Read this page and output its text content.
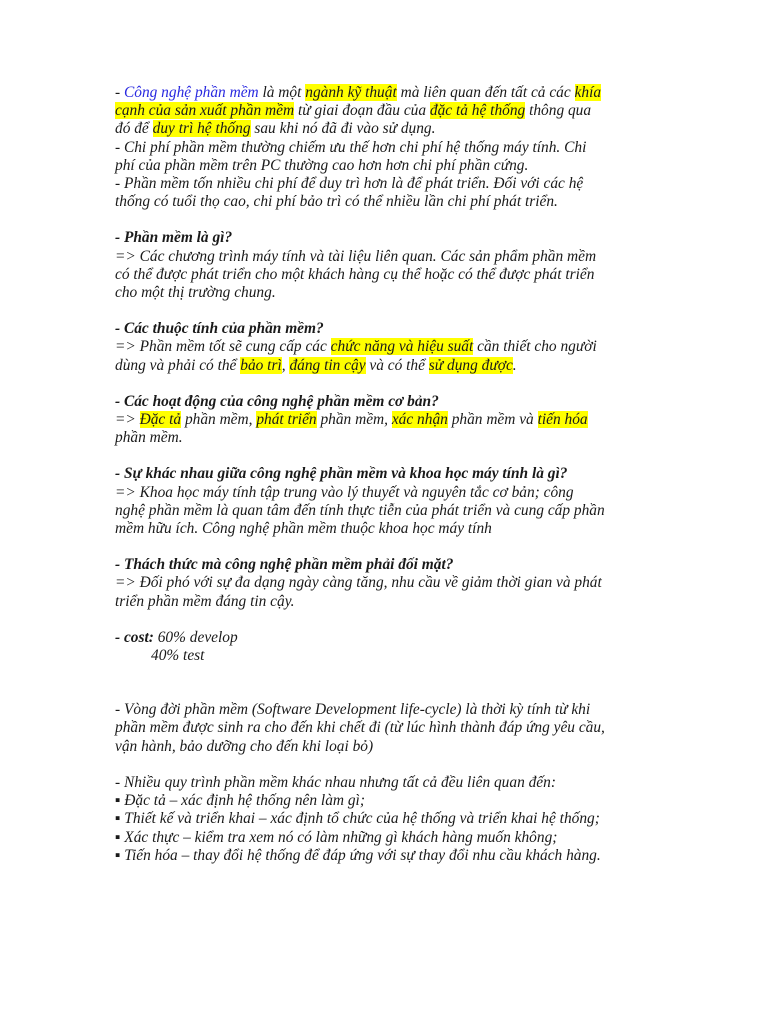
- Công nghệ phần mềm là một ngành kỹ thuật mà liên quan đến tất cả các khía
cạnh của sản xuất phần mềm từ giai đoạn đầu của đặc tả hệ thống thông qua
đó để duy trì hệ thống sau khi nó đã đi vào sử dụng.
- Chi phí phần mềm thường chiếm ưu thế hơn chi phí hệ thống máy tính. Chi
phí của phần mềm trên PC thường cao hơn hơn chi phí phần cứng.
- Phần mềm tốn nhiều chi phí để duy trì hơn là để phát triển. Đối với các hệ
thống có tuổi thọ cao, chi phí bảo trì có thể nhiều lần chi phí phát triển.
- Phần mềm là gì?
=> Các chương trình máy tính và tài liệu liên quan. Các sản phẩm phần mềm
có thể được phát triển cho một khách hàng cụ thể hoặc có thể được phát triển
cho một thị trường chung.
- Các thuộc tính của phần mềm?
=> Phần mềm tốt sẽ cung cấp các chức năng và hiệu suất cần thiết cho người
dùng và phải có thể bảo trì, đáng tin cậy và có thể sử dụng được.
- Các hoạt động của công nghệ phần mềm cơ bản?
=> Đặc tả phần mềm, phát triển phần mềm, xác nhận phần mềm và tiến hóa
phần mềm.
- Sự khác nhau giữa công nghệ phần mềm và khoa học máy tính là gì?
=> Khoa học máy tính tập trung vào lý thuyết và nguyên tắc cơ bản; công
nghệ phần mềm là quan tâm đến tính thực tiễn của phát triển và cung cấp phần
mềm hữu ích. Công nghệ phần mềm thuộc khoa học máy tính
- Thách thức mà công nghệ phần mềm phải đối mặt?
=> Đối phó với sự đa dạng ngày càng tăng, nhu cầu về giảm thời gian và phát
triển phần mềm đáng tin cậy.
- cost: 60% develop
40% test
- Vòng đời phần mềm (Software Development life-cycle) là thời kỳ tính từ khi
phần mềm được sinh ra cho đến khi chết đi (từ lúc hình thành đáp ứng yêu cầu,
vận hành, bảo dưỡng cho đến khi loại bỏ)
- Nhiều quy trình phần mềm khác nhau nhưng tất cả đều liên quan đến:
▪ Đặc tả – xác định hệ thống nên làm gì;
▪ Thiết kế và triển khai – xác định tổ chức của hệ thống và triển khai hệ thống;
▪ Xác thực – kiểm tra xem nó có làm những gì khách hàng muốn không;
▪ Tiến hóa – thay đổi hệ thống để đáp ứng với sự thay đổi nhu cầu khách hàng.
